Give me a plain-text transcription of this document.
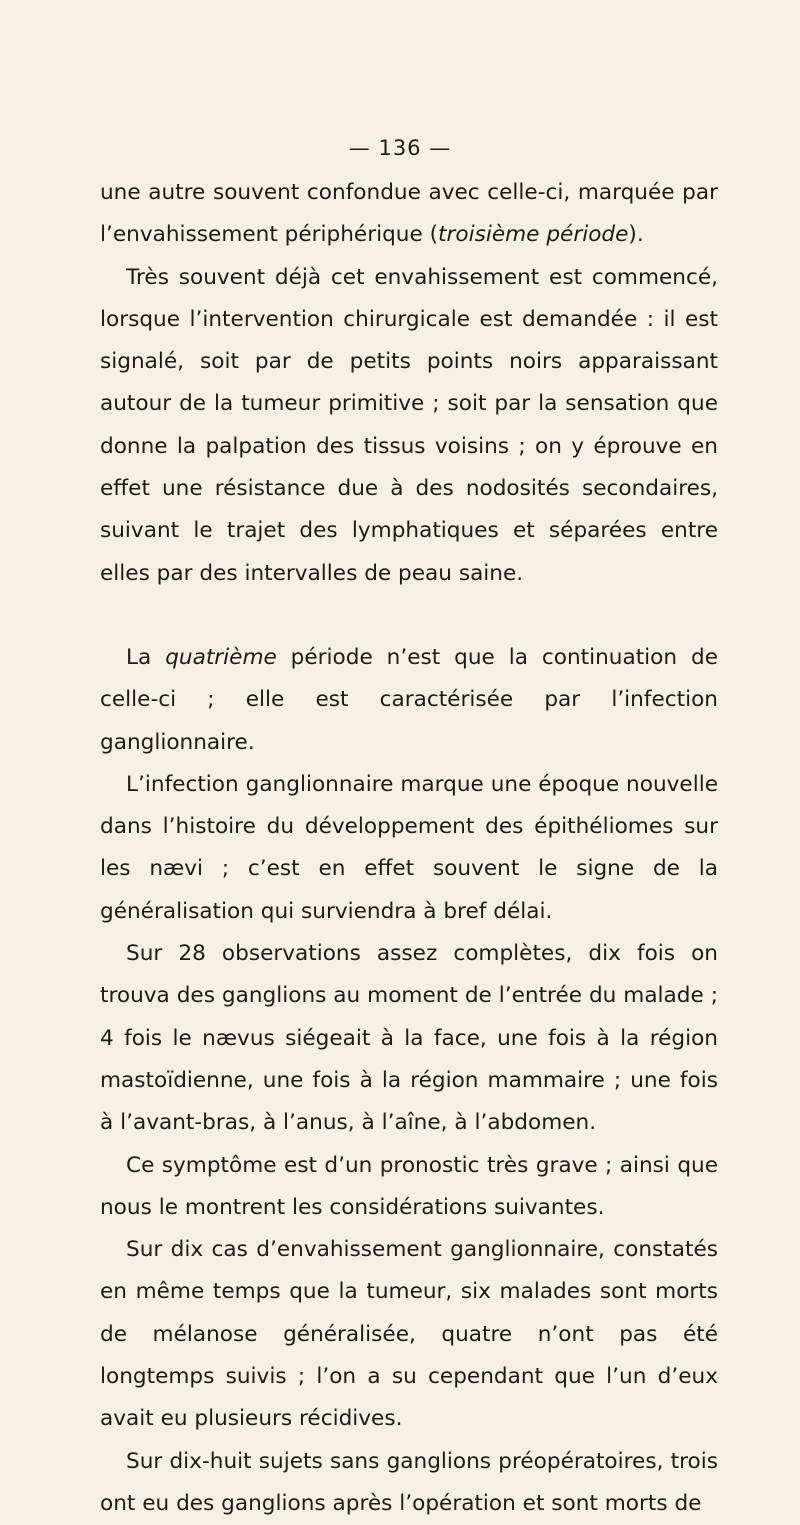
— 136 —

une autre souvent confondue avec celle-ci, marquée par l’envahissement périphérique (troisième période).

Très souvent déjà cet envahissement est commencé, lorsque l’intervention chirurgicale est demandée : il est signalé, soit par de petits points noirs apparaissant autour de la tumeur primitive ; soit par la sensation que donne la palpation des tissus voisins ; on y éprouve en effet une résistance due à des nodosités secondaires, suivant le trajet des lymphatiques et séparées entre elles par des intervalles de peau saine.

La quatrième période n’est que la continuation de celle-ci ; elle est caractérisée par l’infection ganglionnaire.

L’infection ganglionnaire marque une époque nouvelle dans l’histoire du développement des épithéliomes sur les nævi ; c’est en effet souvent le signe de la généralisation qui surviendra à bref délai.

Sur 28 observations assez complètes, dix fois on trouva des ganglions au moment de l’entrée du malade ; 4 fois le nævus siégeait à la face, une fois à la région mastoïdienne, une fois à la région mammaire ; une fois à l’avant-bras, à l’anus, à l’aîne, à l’abdomen.

Ce symptôme est d’un pronostic très grave ; ainsi que nous le montrent les considérations suivantes.

Sur dix cas d’envahissement ganglionnaire, constatés en même temps que la tumeur, six malades sont morts de mélanose généralisée, quatre n’ont pas été longtemps suivis ; l’on a su cependant que l’un d’eux avait eu plusieurs récidives.

Sur dix-huit sujets sans ganglions préopératoires, trois ont eu des ganglions après l’opération et sont morts de
